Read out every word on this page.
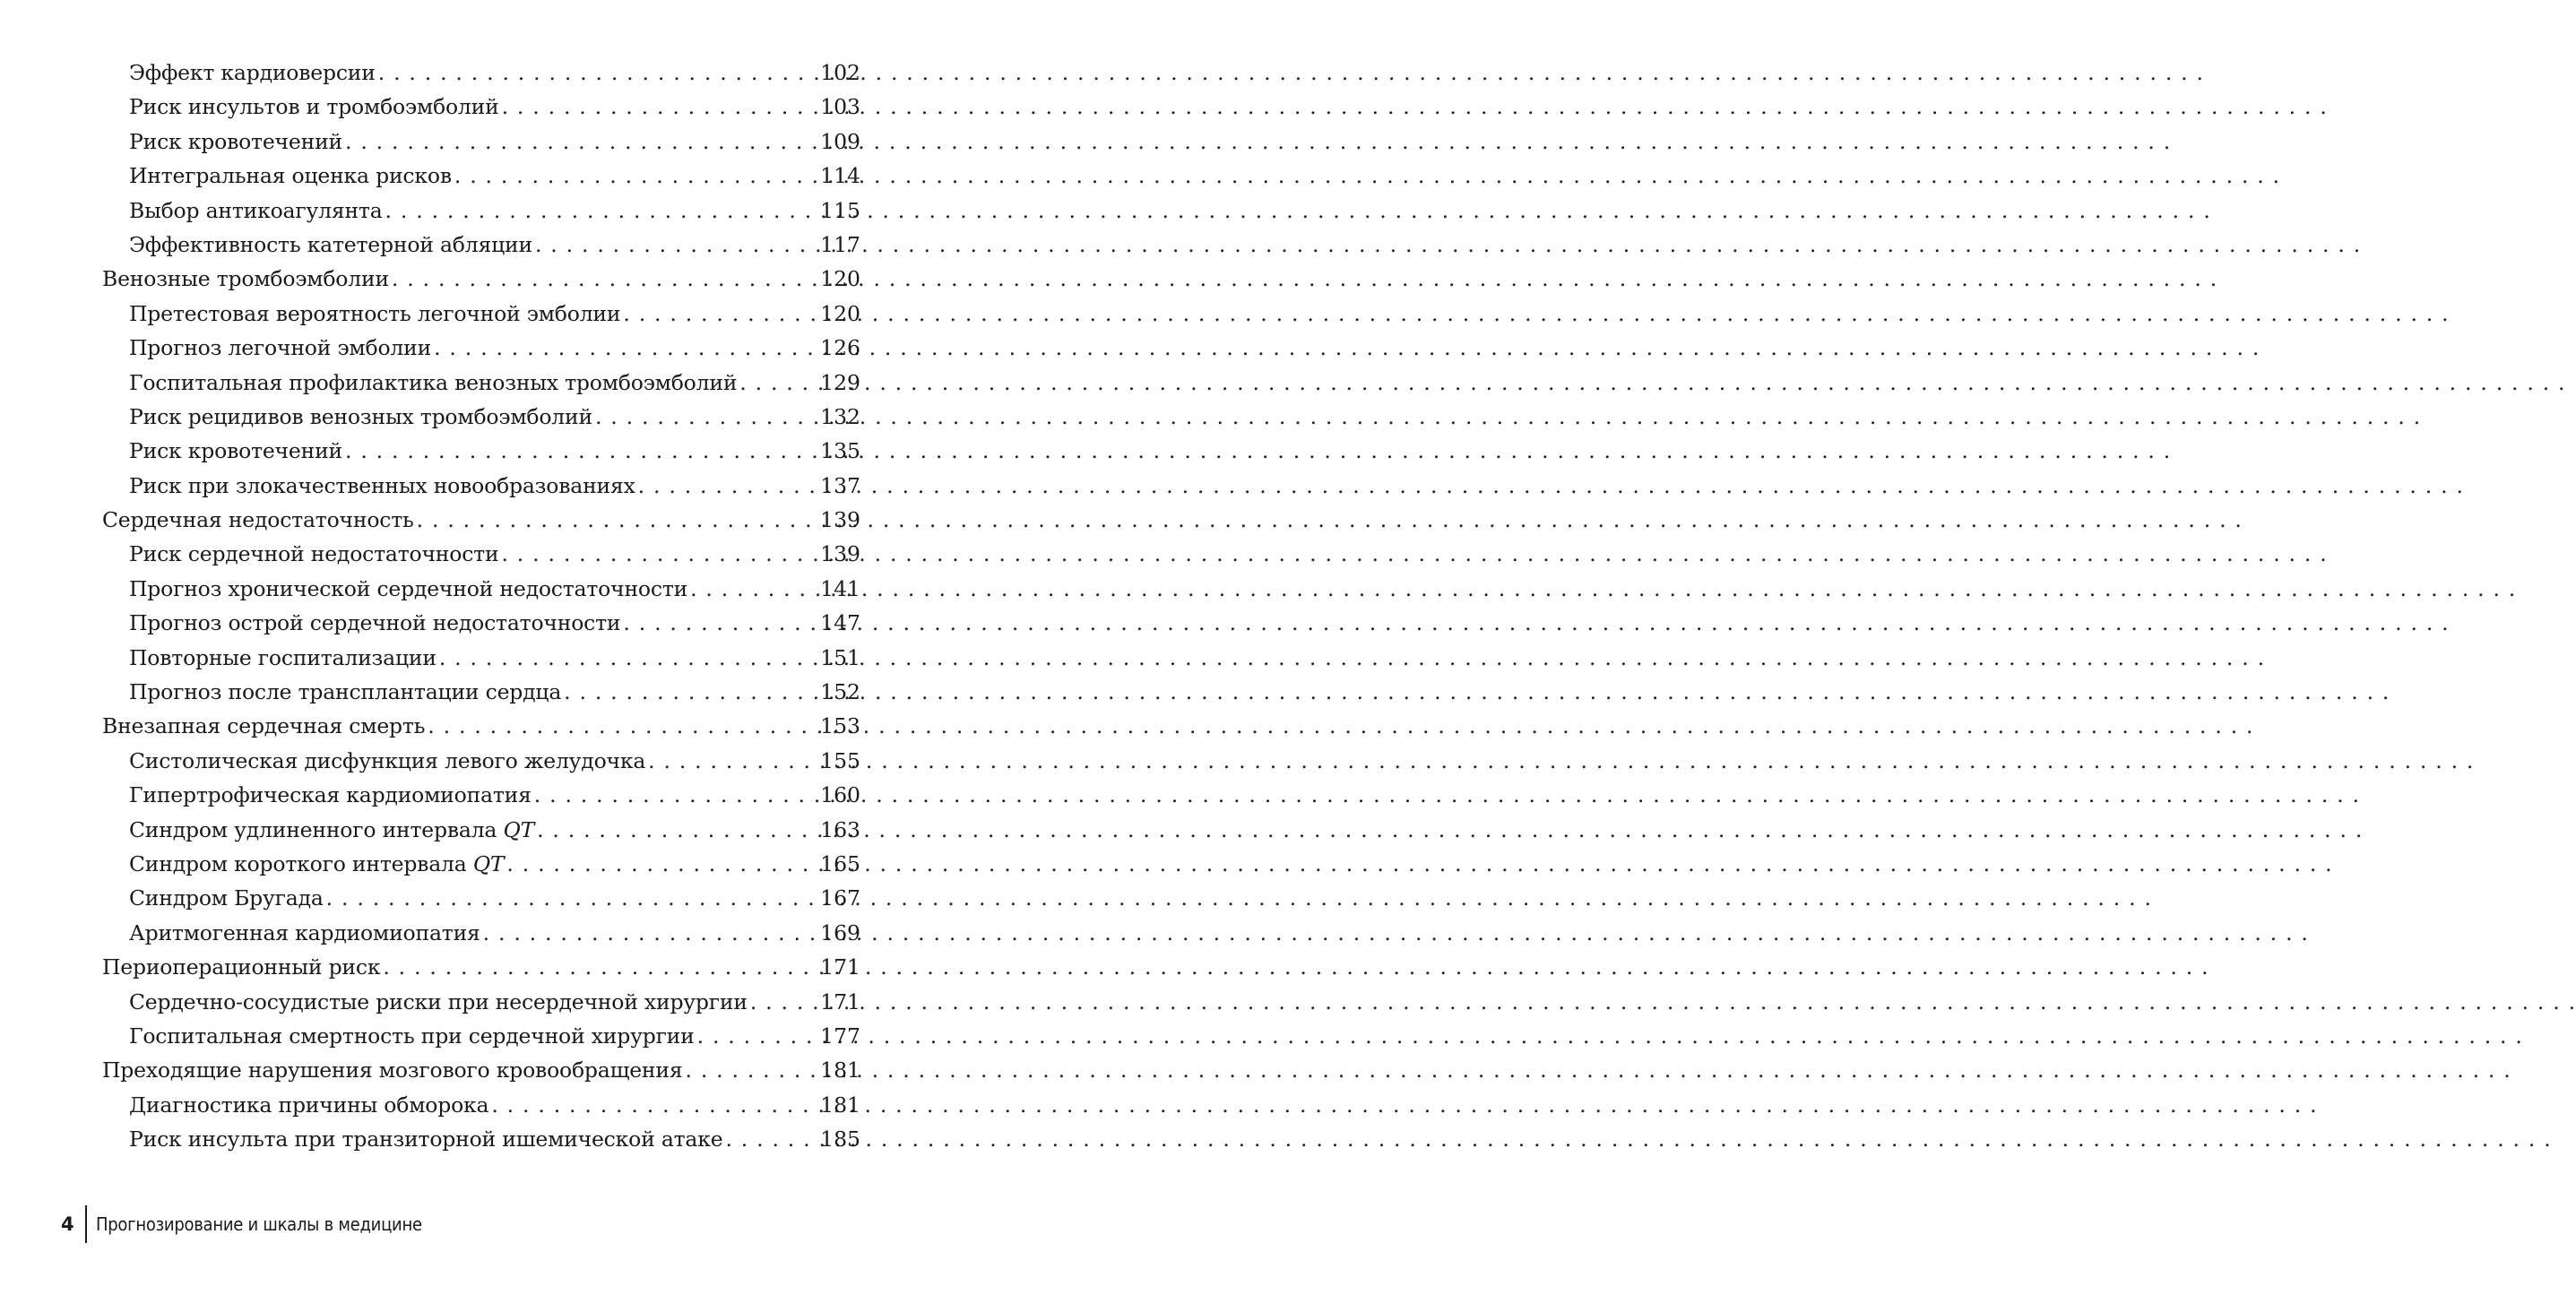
Эффект кардиоверсии . . .	102
Риск инсультов и тромбоэмболий . . .	103
Риск кровотечений . . .	109
Интегральная оценка рисков . . .	114
Выбор антикоагулянта . . .	115
Эффективность катетерной абляции . . .	117
Венозные тромбоэмболии . . .	120
Претестовая вероятность легочной эмболии . . .	120
Прогноз легочной эмболии . . .	126
Госпитальная профилактика венозных тромбоэмболий . . .	129
Риск рецидивов венозных тромбоэмболий . . .	132
Риск кровотечений . . .	135
Риск при злокачественных новообразованиях . . .	137
Сердечная недостаточность . . .	139
Риск сердечной недостаточности . . .	139
Прогноз хронической сердечной недостаточности . . .	141
Прогноз острой сердечной недостаточности . . .	147
Повторные госпитализации . . .	151
Прогноз после трансплантации сердца . . .	152
Внезапная сердечная смерть . . .	153
Систолическая дисфункция левого желудочка . . .	155
Гипертрофическая кардиомиопатия . . .	160
Синдром удлиненного интервала QT . . .	163
Синдром короткого интервала QT . . .	165
Синдром Бругада . . .	167
Аритмогенная кардиомиопатия . . .	169
Периоперационный риск . . .	171
Сердечно-сосудистые риски при несердечной хирургии . . .	171
Госпитальная смертность при сердечной хирургии . . .	177
Преходящие нарушения мозгового кровообращения . . .	181
Диагностика причины обморока . . .	181
Риск инсульта при транзиторной ишемической атаке . . .	185
4 Прогнозирование и шкалы в медицине
